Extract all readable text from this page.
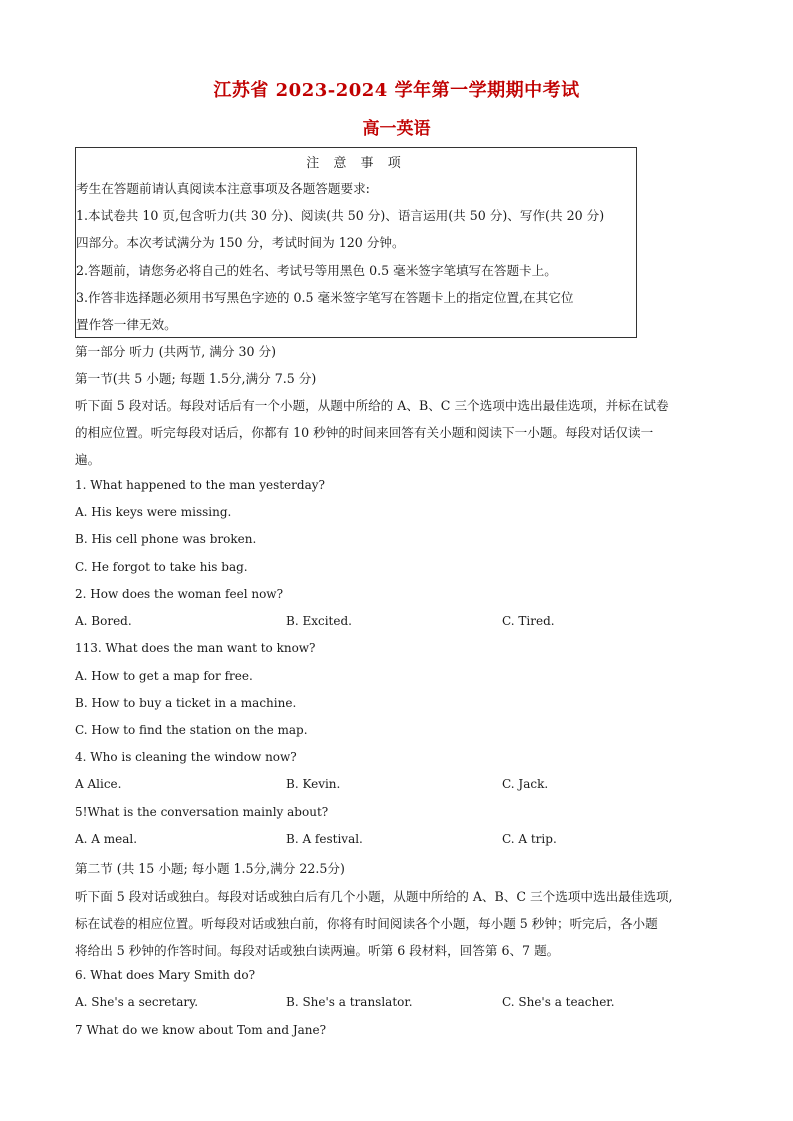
江苏省 2023-2024 学年第一学期期中考试
高一英语
注 意 事 项
考生在答题前请认真阅读本注意事项及各题答题要求:
1.本试卷共 10 页,包含听力(共 30 分)、阅读(共 50 分)、语言运用(共 50 分)、写作(共 20 分)
四部分。本次考试满分为 150 分，考试时间为 120 分钟。
2.答题前，请您务必将自己的姓名、考试号等用黑色 0.5 毫米签字笔填写在答题卡上。
3.作答非选择题必须用书写黑色字迹的 0.5 毫米签字笔写在答题卡上的指定位置,在其它位
置作答一律无效。
第一部分 听力 (共两节, 满分 30 分)
第一节(共 5 小题; 每题 1.5分,满分 7.5 分)
听下面 5 段对话。每段对话后有一个小题，从题中所给的 A、B、C 三个选项中选出最佳选项，并标在试卷
的相应位置。听完每段对话后，你都有 10 秒钟的时间来回答有关小题和阅读下一小题。每段对话仅读一
遍。
1. What happened to the man yesterday?
A. His keys were missing.
B. His cell phone was broken.
C. He forgot to take his bag.
2. How does the woman feel now?
A. Bored.	B. Excited.	C. Tired.
113. What does the man want to know?
A. How to get a map for free.
B. How to buy a ticket in a machine.
C. How to find the station on the map.
4. Who is cleaning the window now?
A Alice.	B. Kevin.	C. Jack.
5!What is the conversation mainly about?
A. A meal.	B. A festival.	C. A trip.
第二节 (共 15 小题; 每小题 1.5分,满分 22.5分)
听下面 5 段对话或独白。每段对话或独白后有几个小题，从题中所给的 A、B、C 三个选项中选出最佳选项,
标在试卷的相应位置。听每段对话或独白前，你将有时间阅读各个小题，每小题 5 秒钟；听完后，各小题
将给出 5 秒钟的作答时间。每段对话或独白读两遍。听第 6 段材料，回答第 6、7 题。
6. What does Mary Smith do?
A. She's a secretary.	B. She's a translator.	C. She's a teacher.
7 What do we know about Tom and Jane?
